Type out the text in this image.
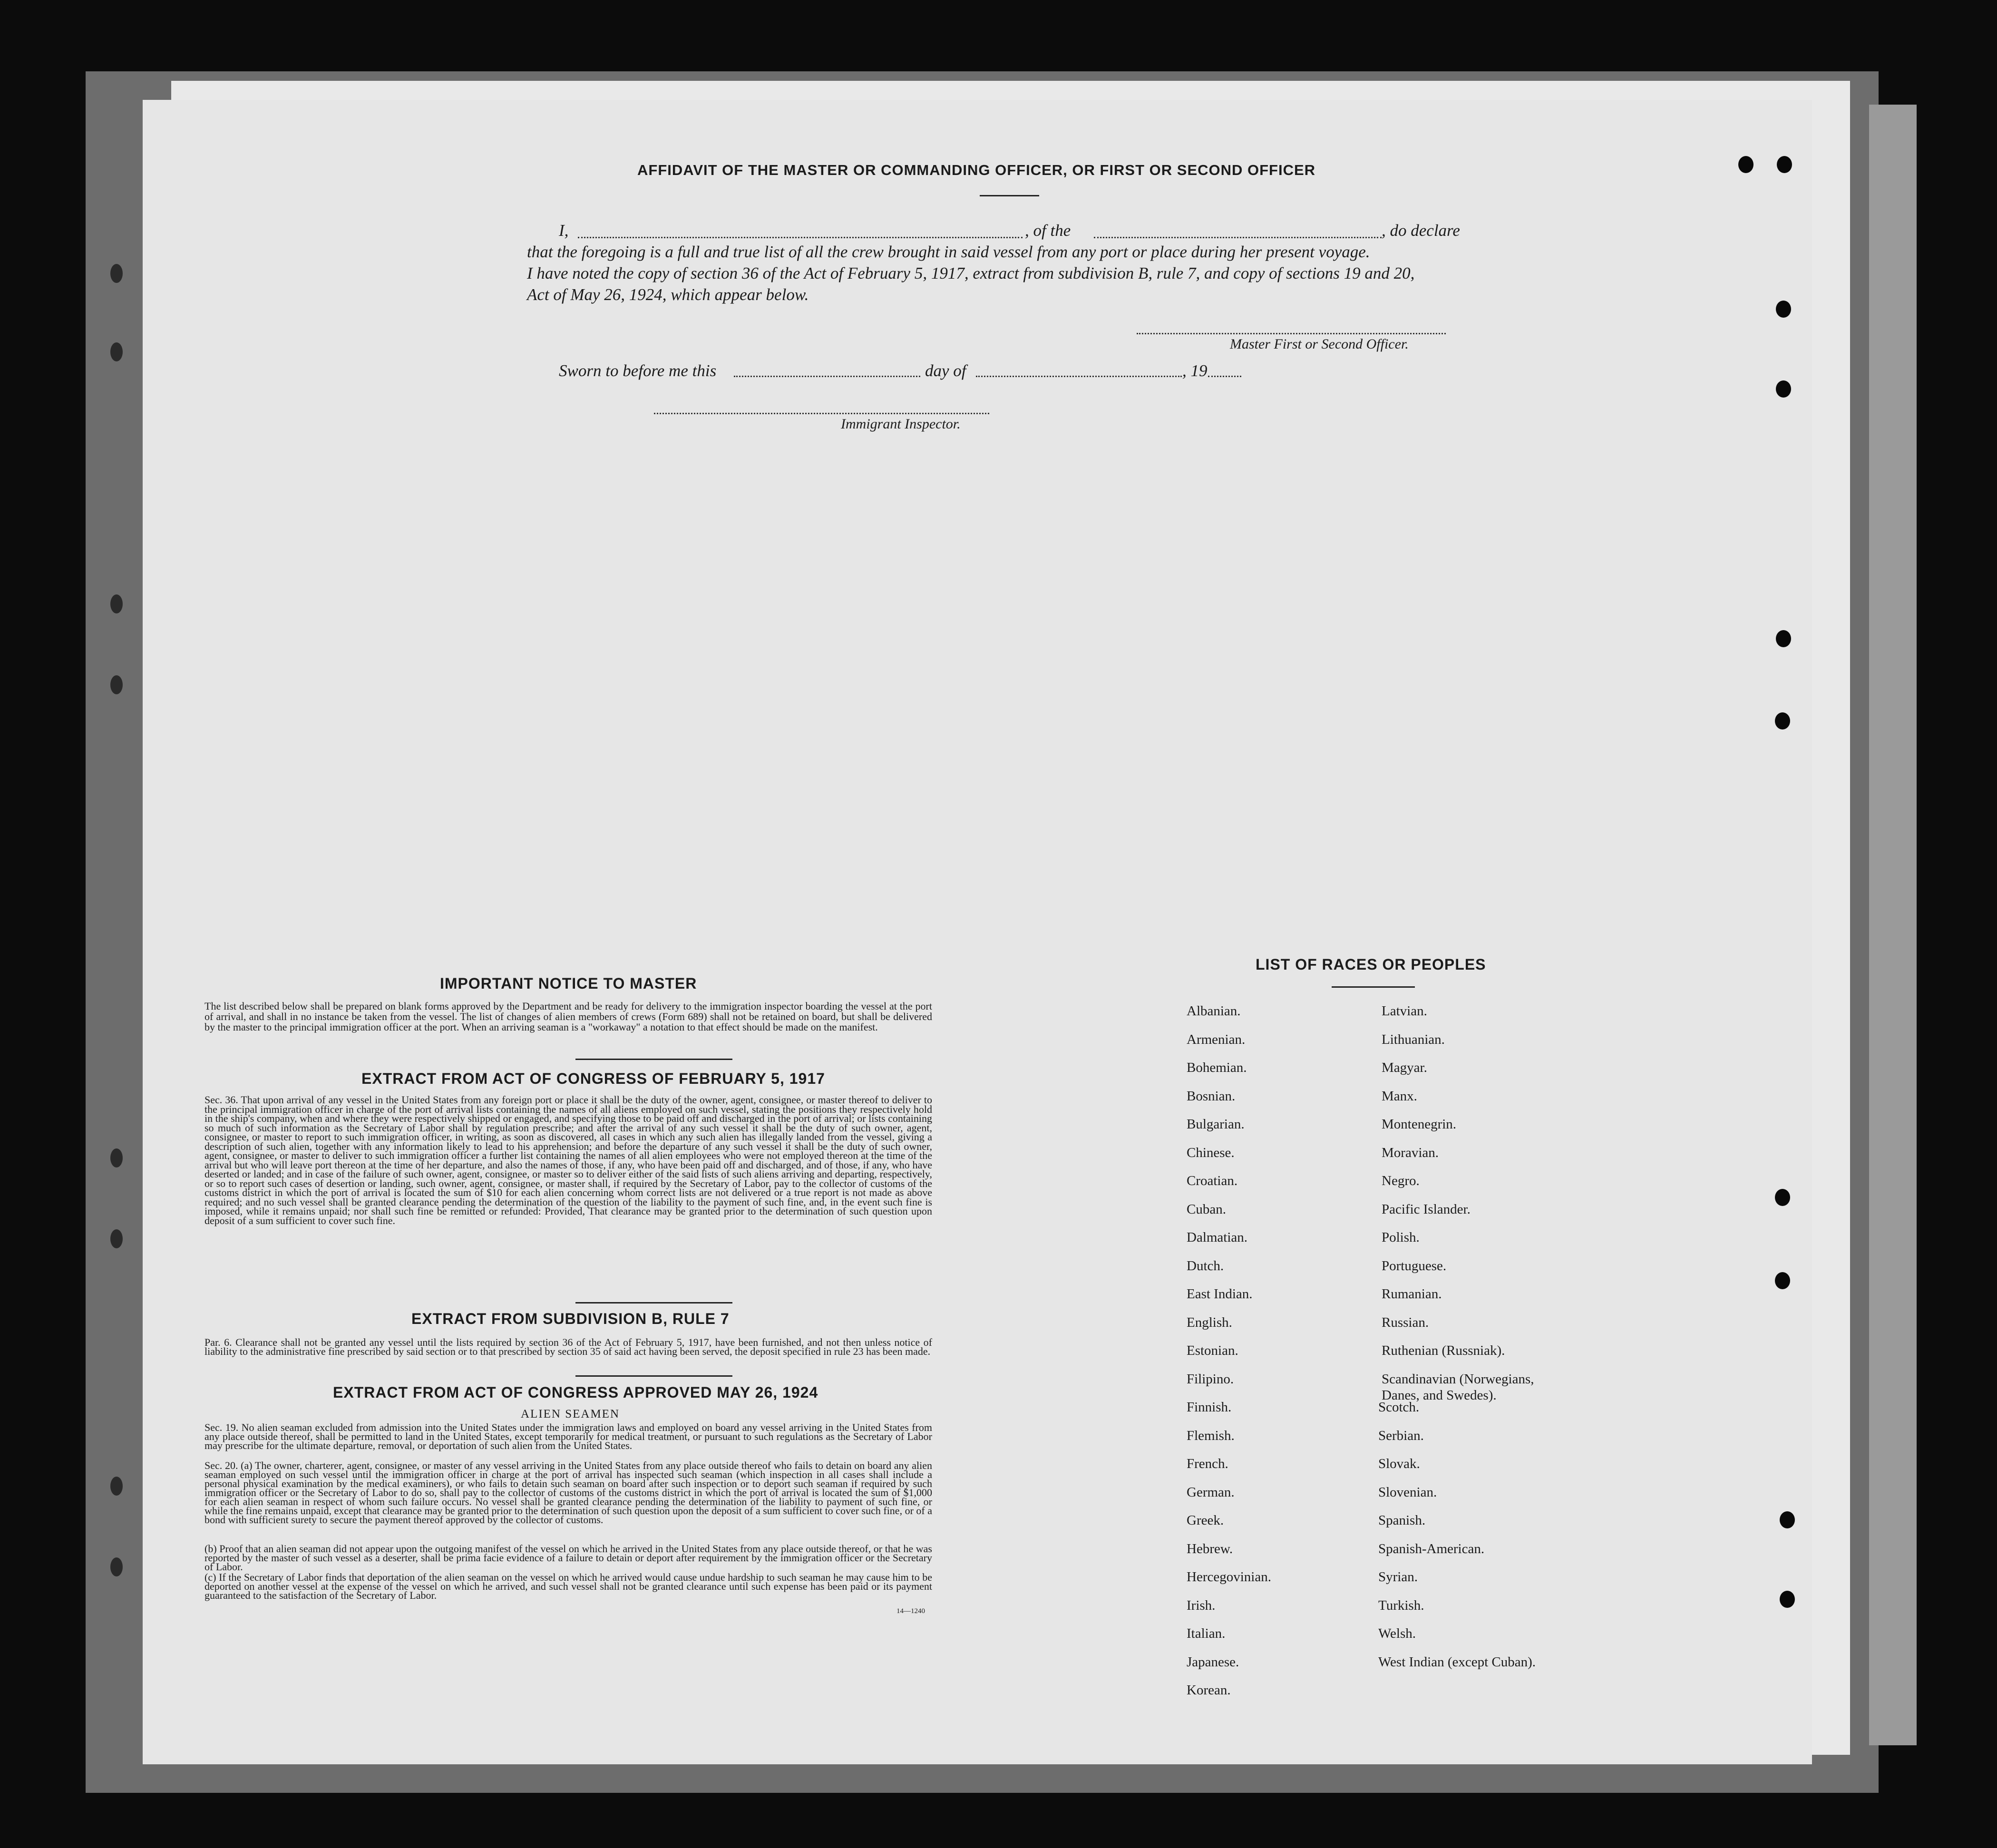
AFFIDAVIT OF THE MASTER OR COMMANDING OFFICER, OR FIRST OR SECOND OFFICER
I,	, of the	, do declare
that the foregoing is a full and true list of all the crew brought in said vessel from any port or place during her present voyage.
I have noted the copy of section 36 of the Act of February 5, 1917, extract from subdivision B, rule 7, and copy of sections 19 and 20,
Act of May 26, 1924, which appear below.
Master First or Second Officer.
Sworn to before me this	day of	, 19
Immigrant Inspector.
IMPORTANT NOTICE TO MASTER
The list described below shall be prepared on blank forms approved by the Department and be ready for delivery to the immigration inspector boarding the vessel at the port of arrival, and shall in no instance be taken from the vessel. The list of changes of alien members of crews (Form 689) shall not be retained on board, but shall be delivered by the master to the principal immigration officer at the port. When an arriving seaman is a "workaway" a notation to that effect should be made on the manifest.
EXTRACT FROM ACT OF CONGRESS OF FEBRUARY 5, 1917
Sec. 36. That upon arrival of any vessel in the United States from any foreign port or place it shall be the duty of the owner, agent, consignee, or master thereof to deliver to the principal immigration officer in charge of the port of arrival lists containing the names of all aliens employed on such vessel, stating the positions they respectively hold in the ship's company, when and where they were respectively shipped or engaged, and specifying those to be paid off and discharged in the port of arrival; or lists containing so much of such information as the Secretary of Labor shall by regulation prescribe; and after the arrival of any such vessel it shall be the duty of such owner, agent, consignee, or master to report to such immigration officer, in writing, as soon as discovered, all cases in which any such alien has illegally landed from the vessel, giving a description of such alien, together with any information likely to lead to his apprehension; and before the departure of any such vessel it shall be the duty of such owner, agent, consignee, or master to deliver to such immigration officer a further list containing the names of all alien employees who were not employed thereon at the time of the arrival but who will leave port thereon at the time of her departure, and also the names of those, if any, who have been paid off and discharged, and of those, if any, who have deserted or landed; and in case of the failure of such owner, agent, consignee, or master so to deliver either of the said lists of such aliens arriving and departing, respectively, or so to report such cases of desertion or landing, such owner, agent, consignee, or master shall, if required by the Secretary of Labor, pay to the collector of customs of the customs district in which the port of arrival is located the sum of $10 for each alien concerning whom correct lists are not delivered or a true report is not made as above required; and no such vessel shall be granted clearance pending the determination of the question of the liability to the payment of such fine, and, in the event such fine is imposed, while it remains unpaid; nor shall such fine be remitted or refunded: Provided, That clearance may be granted prior to the determination of such question upon deposit of a sum sufficient to cover such fine.
EXTRACT FROM SUBDIVISION B, RULE 7
Par. 6. Clearance shall not be granted any vessel until the lists required by section 36 of the Act of February 5, 1917, have been furnished, and not then unless notice of liability to the administrative fine prescribed by said section or to that prescribed by section 35 of said act having been served, the deposit specified in rule 23 has been made.
EXTRACT FROM ACT OF CONGRESS APPROVED MAY 26, 1924
ALIEN SEAMEN
Sec. 19. No alien seaman excluded from admission into the United States under the immigration laws and employed on board any vessel arriving in the United States from any place outside thereof, shall be permitted to land in the United States, except temporarily for medical treatment, or pursuant to such regulations as the Secretary of Labor may prescribe for the ultimate departure, removal, or deportation of such alien from the United States.
Sec. 20. (a) The owner, charterer, agent, consignee, or master of any vessel arriving in the United States from any place outside thereof who fails to detain on board any alien seaman employed on such vessel until the immigration officer in charge at the port of arrival has inspected such seaman (which inspection in all cases shall include a personal physical examination by the medical examiners), or who fails to detain such seaman on board after such inspection or to deport such seaman if required by such immigration officer or the Secretary of Labor to do so, shall pay to the collector of customs of the customs district in which the port of arrival is located the sum of $1,000 for each alien seaman in respect of whom such failure occurs. No vessel shall be granted clearance pending the determination of the liability to payment of such fine, or while the fine remains unpaid, except that clearance may be granted prior to the determination of such question upon the deposit of a sum sufficient to cover such fine, or of a bond with sufficient surety to secure the payment thereof approved by the collector of customs.
(b) Proof that an alien seaman did not appear upon the outgoing manifest of the vessel on which he arrived in the United States from any place outside thereof, or that he was reported by the master of such vessel as a deserter, shall be prima facie evidence of a failure to detain or deport after requirement by the immigration officer or the Secretary of Labor.
(c) If the Secretary of Labor finds that deportation of the alien seaman on the vessel on which he arrived would cause undue hardship to such seaman he may cause him to be deported on another vessel at the expense of the vessel on which he arrived, and such vessel shall not be granted clearance until such expense has been paid or its payment guaranteed to the satisfaction of the Secretary of Labor.
14—1240
LIST OF RACES OR PEOPLES
Albanian.
Armenian.
Bohemian.
Bosnian.
Bulgarian.
Chinese.
Croatian.
Cuban.
Dalmatian.
Dutch.
East Indian.
English.
Estonian.
Filipino.
Finnish.
Flemish.
French.
German.
Greek.
Hebrew.
Hercegovinian.
Irish.
Italian.
Japanese.
Korean.
Latvian.
Lithuanian.
Magyar.
Manx.
Montenegrin.
Moravian.
Negro.
Pacific Islander.
Polish.
Portuguese.
Rumanian.
Russian.
Ruthenian (Russniak).
Scandinavian (Norwegians,
Danes, and Swedes).
Scotch.
Serbian.
Slovak.
Slovenian.
Spanish.
Spanish-American.
Syrian.
Turkish.
Welsh.
West Indian (except Cuban).
